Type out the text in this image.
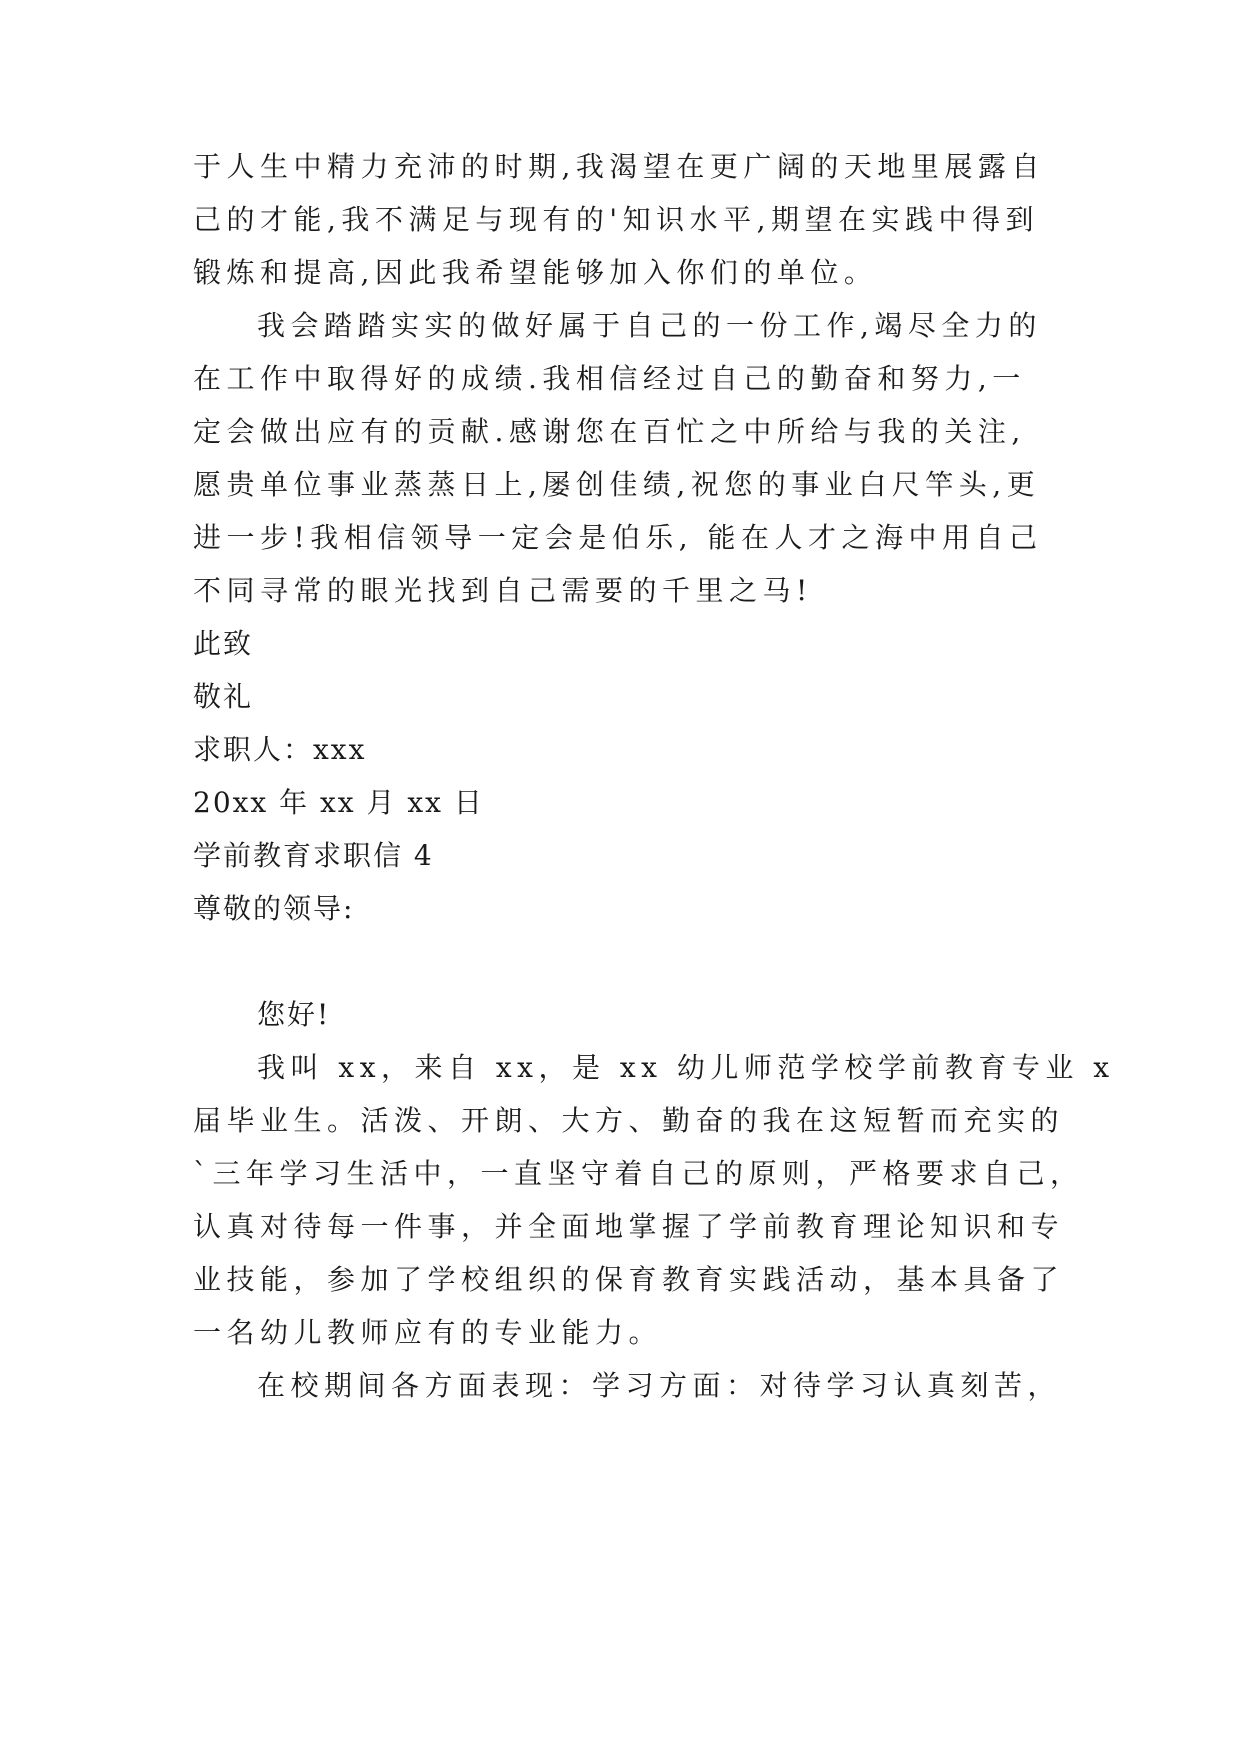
于人生中精力充沛的时期,我渴望在更广阔的天地里展露自
己的才能,我不满足与现有的'知识水平,期望在实践中得到
锻炼和提高,因此我希望能够加入你们的单位。
我会踏踏实实的做好属于自己的一份工作,竭尽全力的
在工作中取得好的成绩.我相信经过自己的勤奋和努力,一
定会做出应有的贡献.感谢您在百忙之中所给与我的关注,
愿贵单位事业蒸蒸日上,屡创佳绩,祝您的事业白尺竿头,更
进一步!我相信领导一定会是伯乐, 能在人才之海中用自己
不同寻常的眼光找到自己需要的千里之马!
此致
敬礼
求职人：xxx
20xx 年 xx 月 xx 日
学前教育求职信 4
尊敬的领导:
您好!
我叫 xx，来自 xx，是 xx 幼儿师范学校学前教育专业 x
届毕业生。活泼、开朗、大方、勤奋的我在这短暂而充实的
`三年学习生活中，一直坚守着自己的原则，严格要求自己，
认真对待每一件事，并全面地掌握了学前教育理论知识和专
业技能，参加了学校组织的保育教育实践活动，基本具备了
一名幼儿教师应有的专业能力。
在校期间各方面表现：学习方面：对待学习认真刻苦，
